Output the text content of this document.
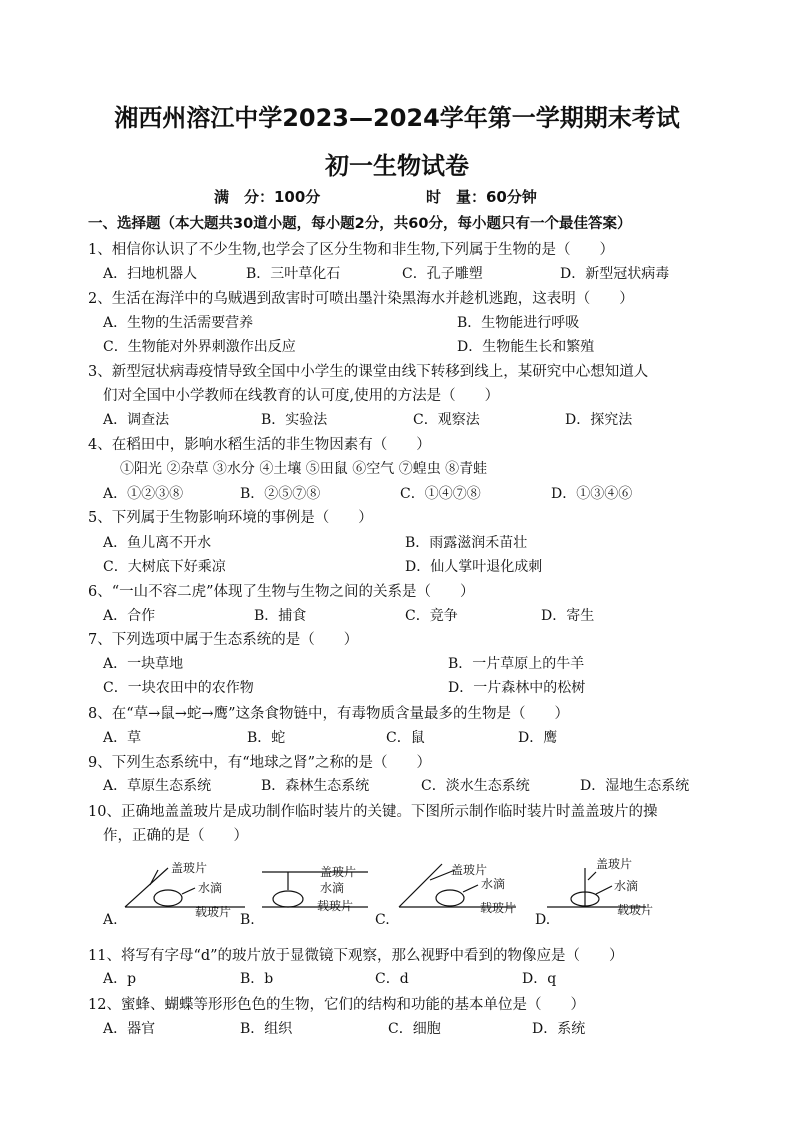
湘西州溶江中学2023—2024学年第一学期期末考试
初一生物试卷
满　分：100分	时　量：60分钟
一、选择题（本大题共30道小题，每小题2分，共60分，每小题只有一个最佳答案）
1、相信你认识了不少生物,也学会了区分生物和非生物,下列属于生物的是（　　）
A．扫地机器人	B．三叶草化石	C．孔子雕塑	D．新型冠状病毒
2、生活在海洋中的乌贼遇到敌害时可喷出墨汁染黑海水并趁机逃跑，这表明（　　）
A．生物的生活需要营养	B．生物能进行呼吸
C．生物能对外界刺激作出反应	D．生物能生长和繁殖
3、新型冠状病毒疫情导致全国中小学生的课堂由线下转移到线上，某研究中心想知道人
们对全国中小学教师在线教育的认可度,使用的方法是（　　）
A．调查法	B．实验法	C．观察法	D．探究法
4、在稻田中，影响水稻生活的非生物因素有（　　）
①阳光 ②杂草 ③水分 ④土壤 ⑤田鼠 ⑥空气 ⑦蝗虫 ⑧青蛙
A．①②③⑧	B．②⑤⑦⑧	C．①④⑦⑧	D．①③④⑥
5、下列属于生物影响环境的事例是（　　）
A．鱼儿离不开水	B．雨露滋润禾苗壮
C．大树底下好乘凉	D．仙人掌叶退化成刺
6、“一山不容二虎”体现了生物与生物之间的关系是（　　）
A．合作	B．捕食	C．竞争	D．寄生
7、下列选项中属于生态系统的是（　　）
A．一块草地	B．一片草原上的牛羊
C．一块农田中的农作物	D．一片森林中的松树
8、在“草→鼠→蛇→鹰”这条食物链中，有毒物质含量最多的生物是（　　）
A．草	B．蛇	C．鼠	D．鹰
9、下列生态系统中，有“地球之肾”之称的是（　　）
A．草原生态系统	B．森林生态系统	C．淡水生态系统	D．湿地生态系统
10、正确地盖盖玻片是成功制作临时装片的关键。下图所示制作临时装片时盖盖玻片的操
作，正确的是（　　）
盖玻片
水滴
载玻片
盖玻片
水滴
载玻片
盖玻片
水滴
载玻片
盖玻片
水滴
载玻片
A.	B.	C.	D.
11、将写有字母“d”的玻片放于显微镜下观察，那么视野中看到的物像应是（　　）
A．p	B．b	C．d	D．q
12、蜜蜂、蝴蝶等形形色色的生物，它们的结构和功能的基本单位是（　　）
A．器官	B．组织	C．细胞	D．系统
